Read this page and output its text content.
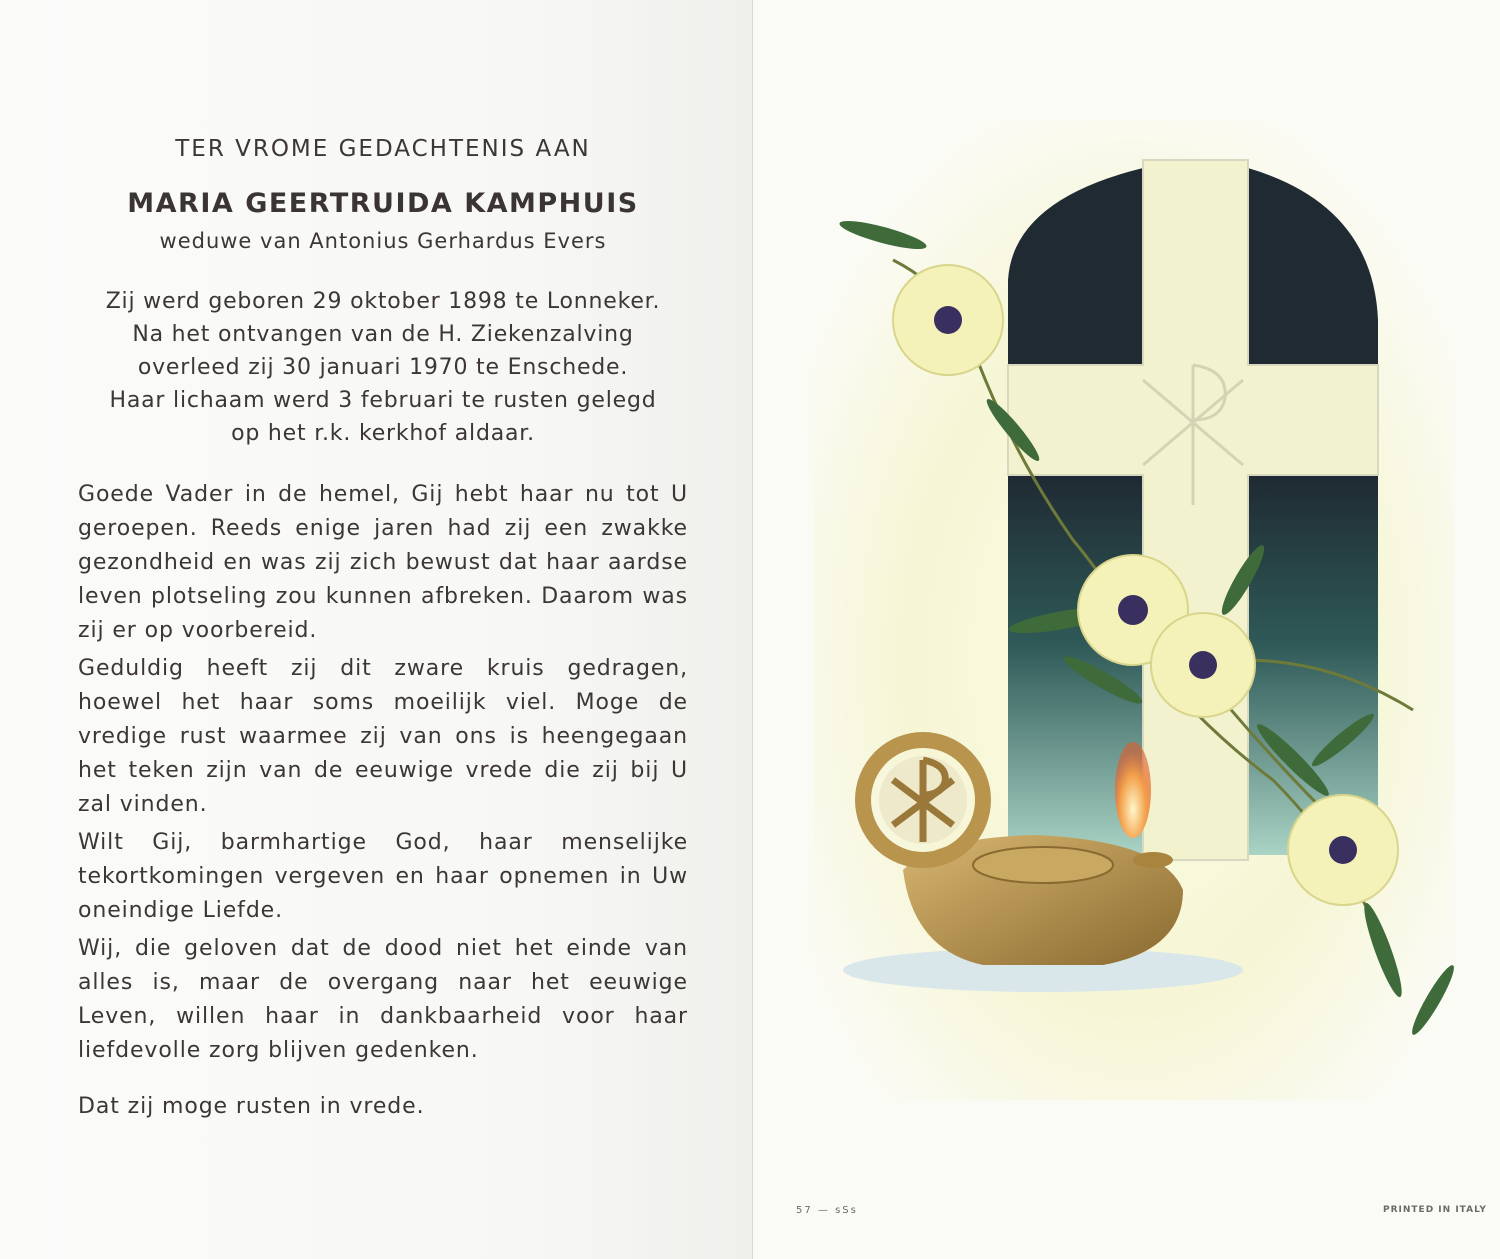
TER VROME GEDACHTENIS AAN
MARIA GEERTRUIDA KAMPHUIS

weduwe van Antonius Gerhardus Evers

Zij werd geboren 29 oktober 1898 te Lonneker.
Na het ontvangen van de H. Ziekenzalving
overleed zij 30 januari 1970 te Enschede.
Haar lichaam werd 3 februari te rusten gelegd
op het r.k. kerkhof aldaar.

Goede Vader in de hemel, Gij hebt haar nu tot U geroepen. Reeds enige jaren had zij een zwakke gezondheid en was zij zich bewust dat haar aardse leven plotseling zou kunnen afbreken. Daarom was zij er op voorbereid.

Geduldig heeft zij dit zware kruis gedragen, hoewel het haar soms moeilijk viel. Moge de vredige rust waarmee zij van ons is heengegaan het teken zijn van de eeuwige vrede die zij bij U zal vinden.

Wilt Gij, barmhartige God, haar menselijke tekortkomingen vergeven en haar opnemen in Uw oneindige Liefde.

Wij, die geloven dat de dood niet het einde van alles is, maar de overgang naar het eeuwige Leven, willen haar in dankbaarheid voor haar liefdevolle zorg blijven gedenken.

Dat zij moge rusten in vrede.

57 — sSs	PRINTED IN ITALY
